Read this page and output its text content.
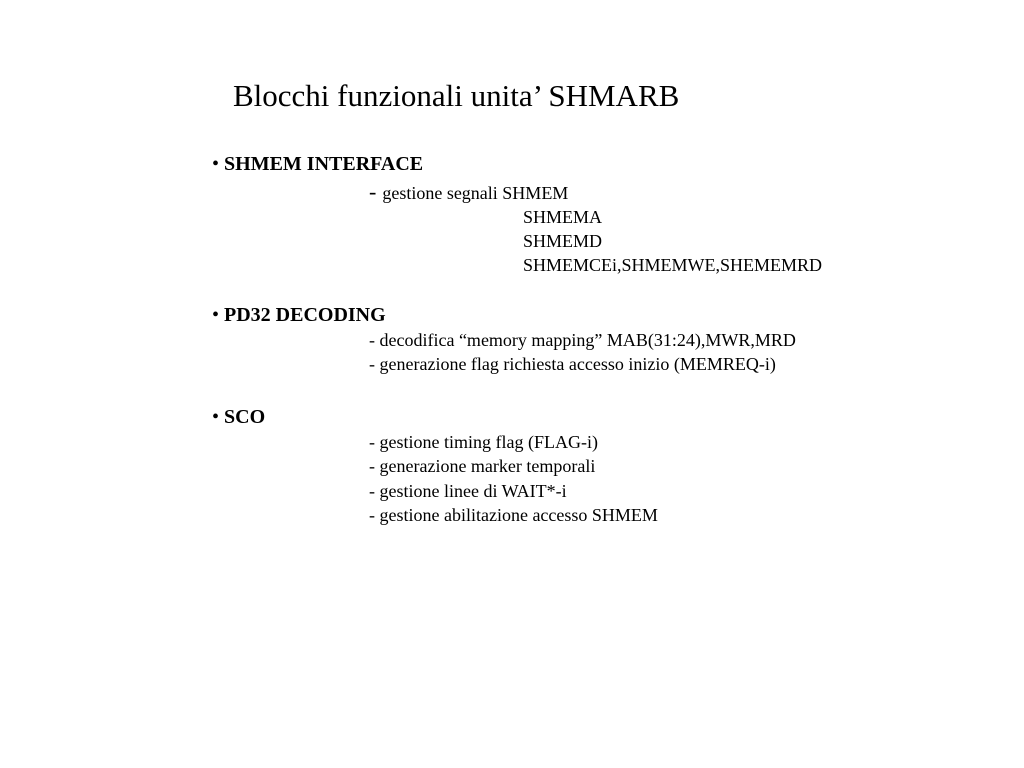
Blocchi funzionali unita’ SHMARB
• SHMEM INTERFACE
- gestione segnali SHMEM
SHMEMA
SHMEMD
SHMEMCEi,SHMEMWE,SHEMEMRD
• PD32 DECODING
- decodifica “memory mapping” MAB(31:24),MWR,MRD
- generazione flag richiesta accesso inizio (MEMREQ-i)
• SCO
- gestione timing flag (FLAG-i)
- generazione marker temporali
- gestione linee di WAIT*-i
- gestione abilitazione accesso SHMEM
